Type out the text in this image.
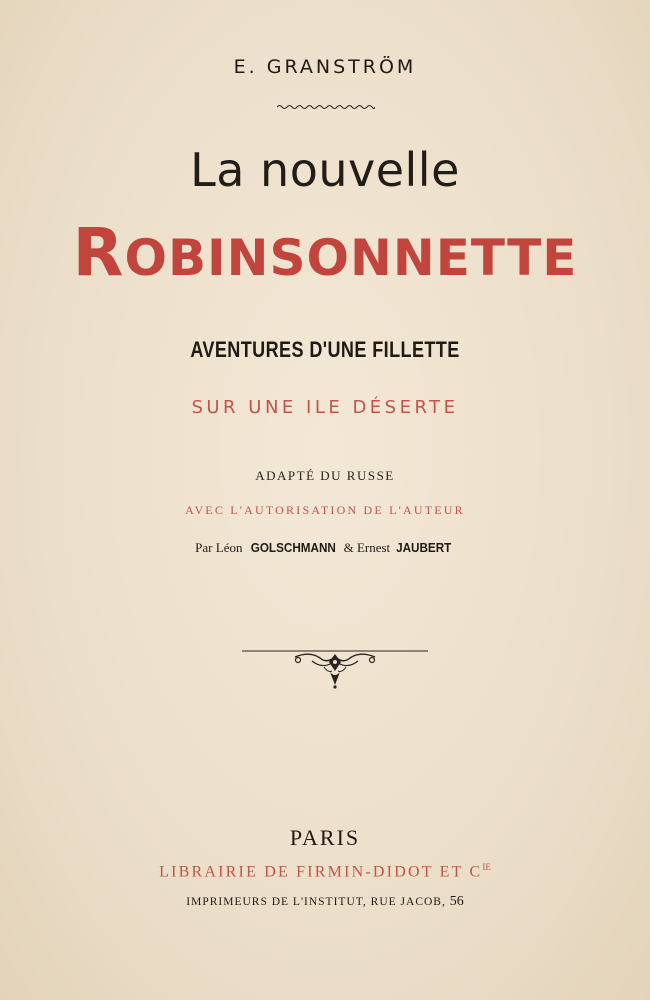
E. GRANSTRÖM
La nouvelle
ROBINSONNETTE
AVENTURES D'UNE FILLETTE
SUR UNE ILE DÉSERTE
ADAPTÉ DU RUSSE
AVEC L'AUTORISATION DE L'AUTEUR
Par Léon GOLSCHMANN & Ernest JAUBERT
PARIS
LIBRAIRIE DE FIRMIN-DIDOT ET $C^{IE}$
IMPRIMEURS DE L'INSTITUT, RUE JACOB, 56
